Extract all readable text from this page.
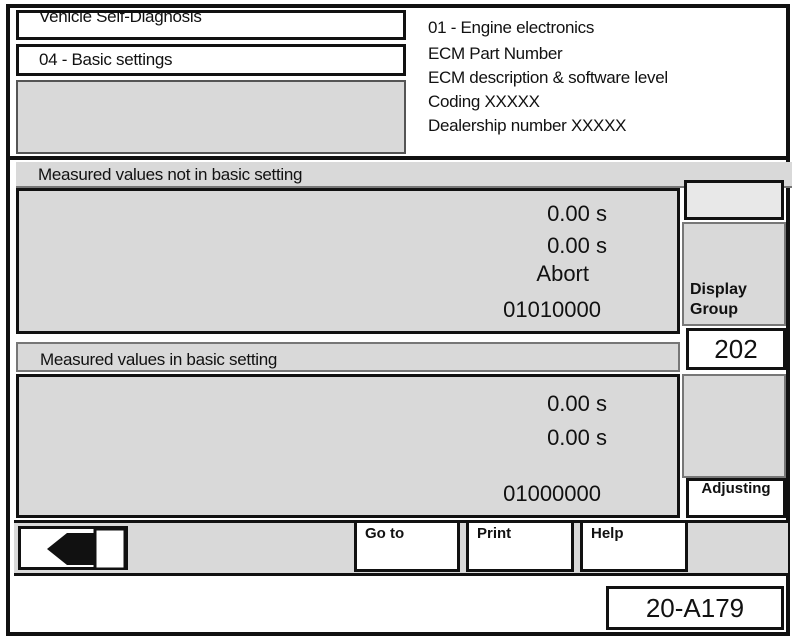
Vehicle Self-Diagnosis
04 - Basic settings
01 - Engine electronics
ECM Part Number
ECM description & software level
Coding XXXXX
Dealership number XXXXX
Measured values not in basic setting
0.00 s
0.00 s
Abort
01010000
Display Group
202
Measured values in basic setting
0.00 s
0.00 s
01000000	Adjusting
Go to	Print	Help
20-A179
